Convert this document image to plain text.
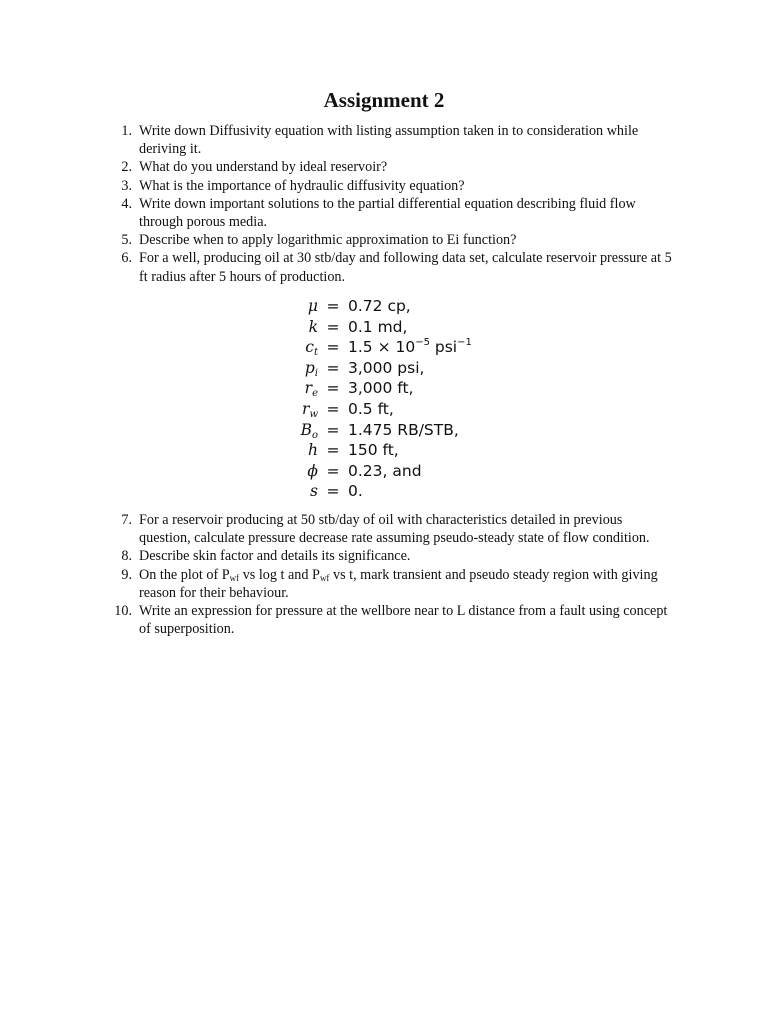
Assignment 2
1. Write down Diffusivity equation with listing assumption taken in to consideration while deriving it.
2. What do you understand by ideal reservoir?
3. What is the importance of hydraulic diffusivity equation?
4. Write down important solutions to the partial differential equation describing fluid flow through porous media.
5. Describe when to apply logarithmic approximation to Ei function?
6. For a well, producing oil at 30 stb/day and following data set, calculate reservoir pressure at 5 ft radius after 5 hours of production.
μ = 0.72 cp,
k = 0.1 md,
$c_t = 1.5 \times 10^{-5}$ psi$^{-1}$
$p_i = 3,000$ psi,
$r_e = 3,000$ ft,
$r_w = 0.5$ ft,
$B_o = 1.475$ RB/STB,
h = 150 ft,
ϕ = 0.23, and
s = 0.
7. For a reservoir producing at 50 stb/day of oil with characteristics detailed in previous question, calculate pressure decrease rate assuming pseudo-steady state of flow condition.
8. Describe skin factor and details its significance.
9. On the plot of Pwf vs log t and Pwf vs t, mark transient and pseudo steady region with giving reason for their behaviour.
10. Write an expression for pressure at the wellbore near to L distance from a fault using concept of superposition.
